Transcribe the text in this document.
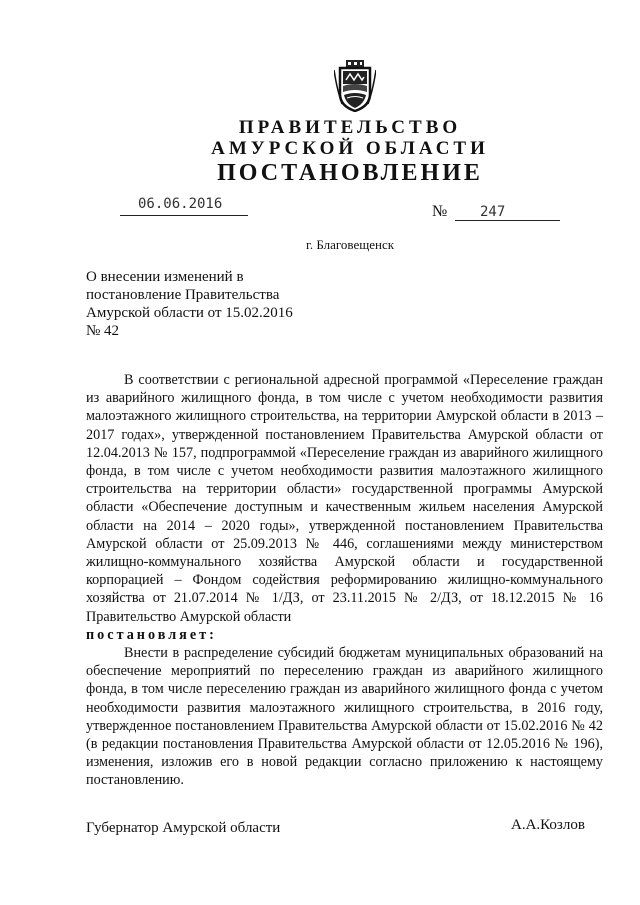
ПРАВИТЕЛЬСТВО
АМУРСКОЙ ОБЛАСТИ
ПОСТАНОВЛЕНИЕ
06.06.2016	№ 247
г. Благовещенск
О внесении изменений в постановление Правительства Амурской области от 15.02.2016 № 42

В соответствии с региональной адресной программой «Переселение граждан из аварийного жилищного фонда, в том числе с учетом необходимости развития малоэтажного жилищного строительства, на территории Амурской области в 2013 – 2017 годах», утвержденной постановлением Правительства Амурской области от 12.04.2013 № 157, подпрограммой «Переселение граждан из аварийного жилищного фонда, в том числе с учетом необходимости развития малоэтажного жилищного строительства на территории области» государственной программы Амурской области «Обеспечение доступным и качественным жильем населения Амурской области на 2014 – 2020 годы», утвержденной постановлением Правительства Амурской области от 25.09.2013 № 446, соглашениями между министерством жилищно-коммунального хозяйства Амурской области и государственной корпорацией – Фондом содействия реформированию жилищно-коммунального хозяйства от 21.07.2014 № 1/ДЗ, от 23.11.2015 № 2/ДЗ, от 18.12.2015 № 16 Правительство Амурской области

постановляет:

Внести в распределение субсидий бюджетам муниципальных образований на обеспечение мероприятий по переселению граждан из аварийного жилищного фонда, в том числе переселению граждан из аварийного жилищного фонда с учетом необходимости развития малоэтажного жилищного строительства, в 2016 году, утвержденное постановлением Правительства Амурской области от 15.02.2016 № 42 (в редакции постановления Правительства Амурской области от 12.05.2016 № 196), изменения, изложив его в новой редакции согласно приложению к настоящему постановлению.

Губернатор Амурской области	А.А.Козлов
